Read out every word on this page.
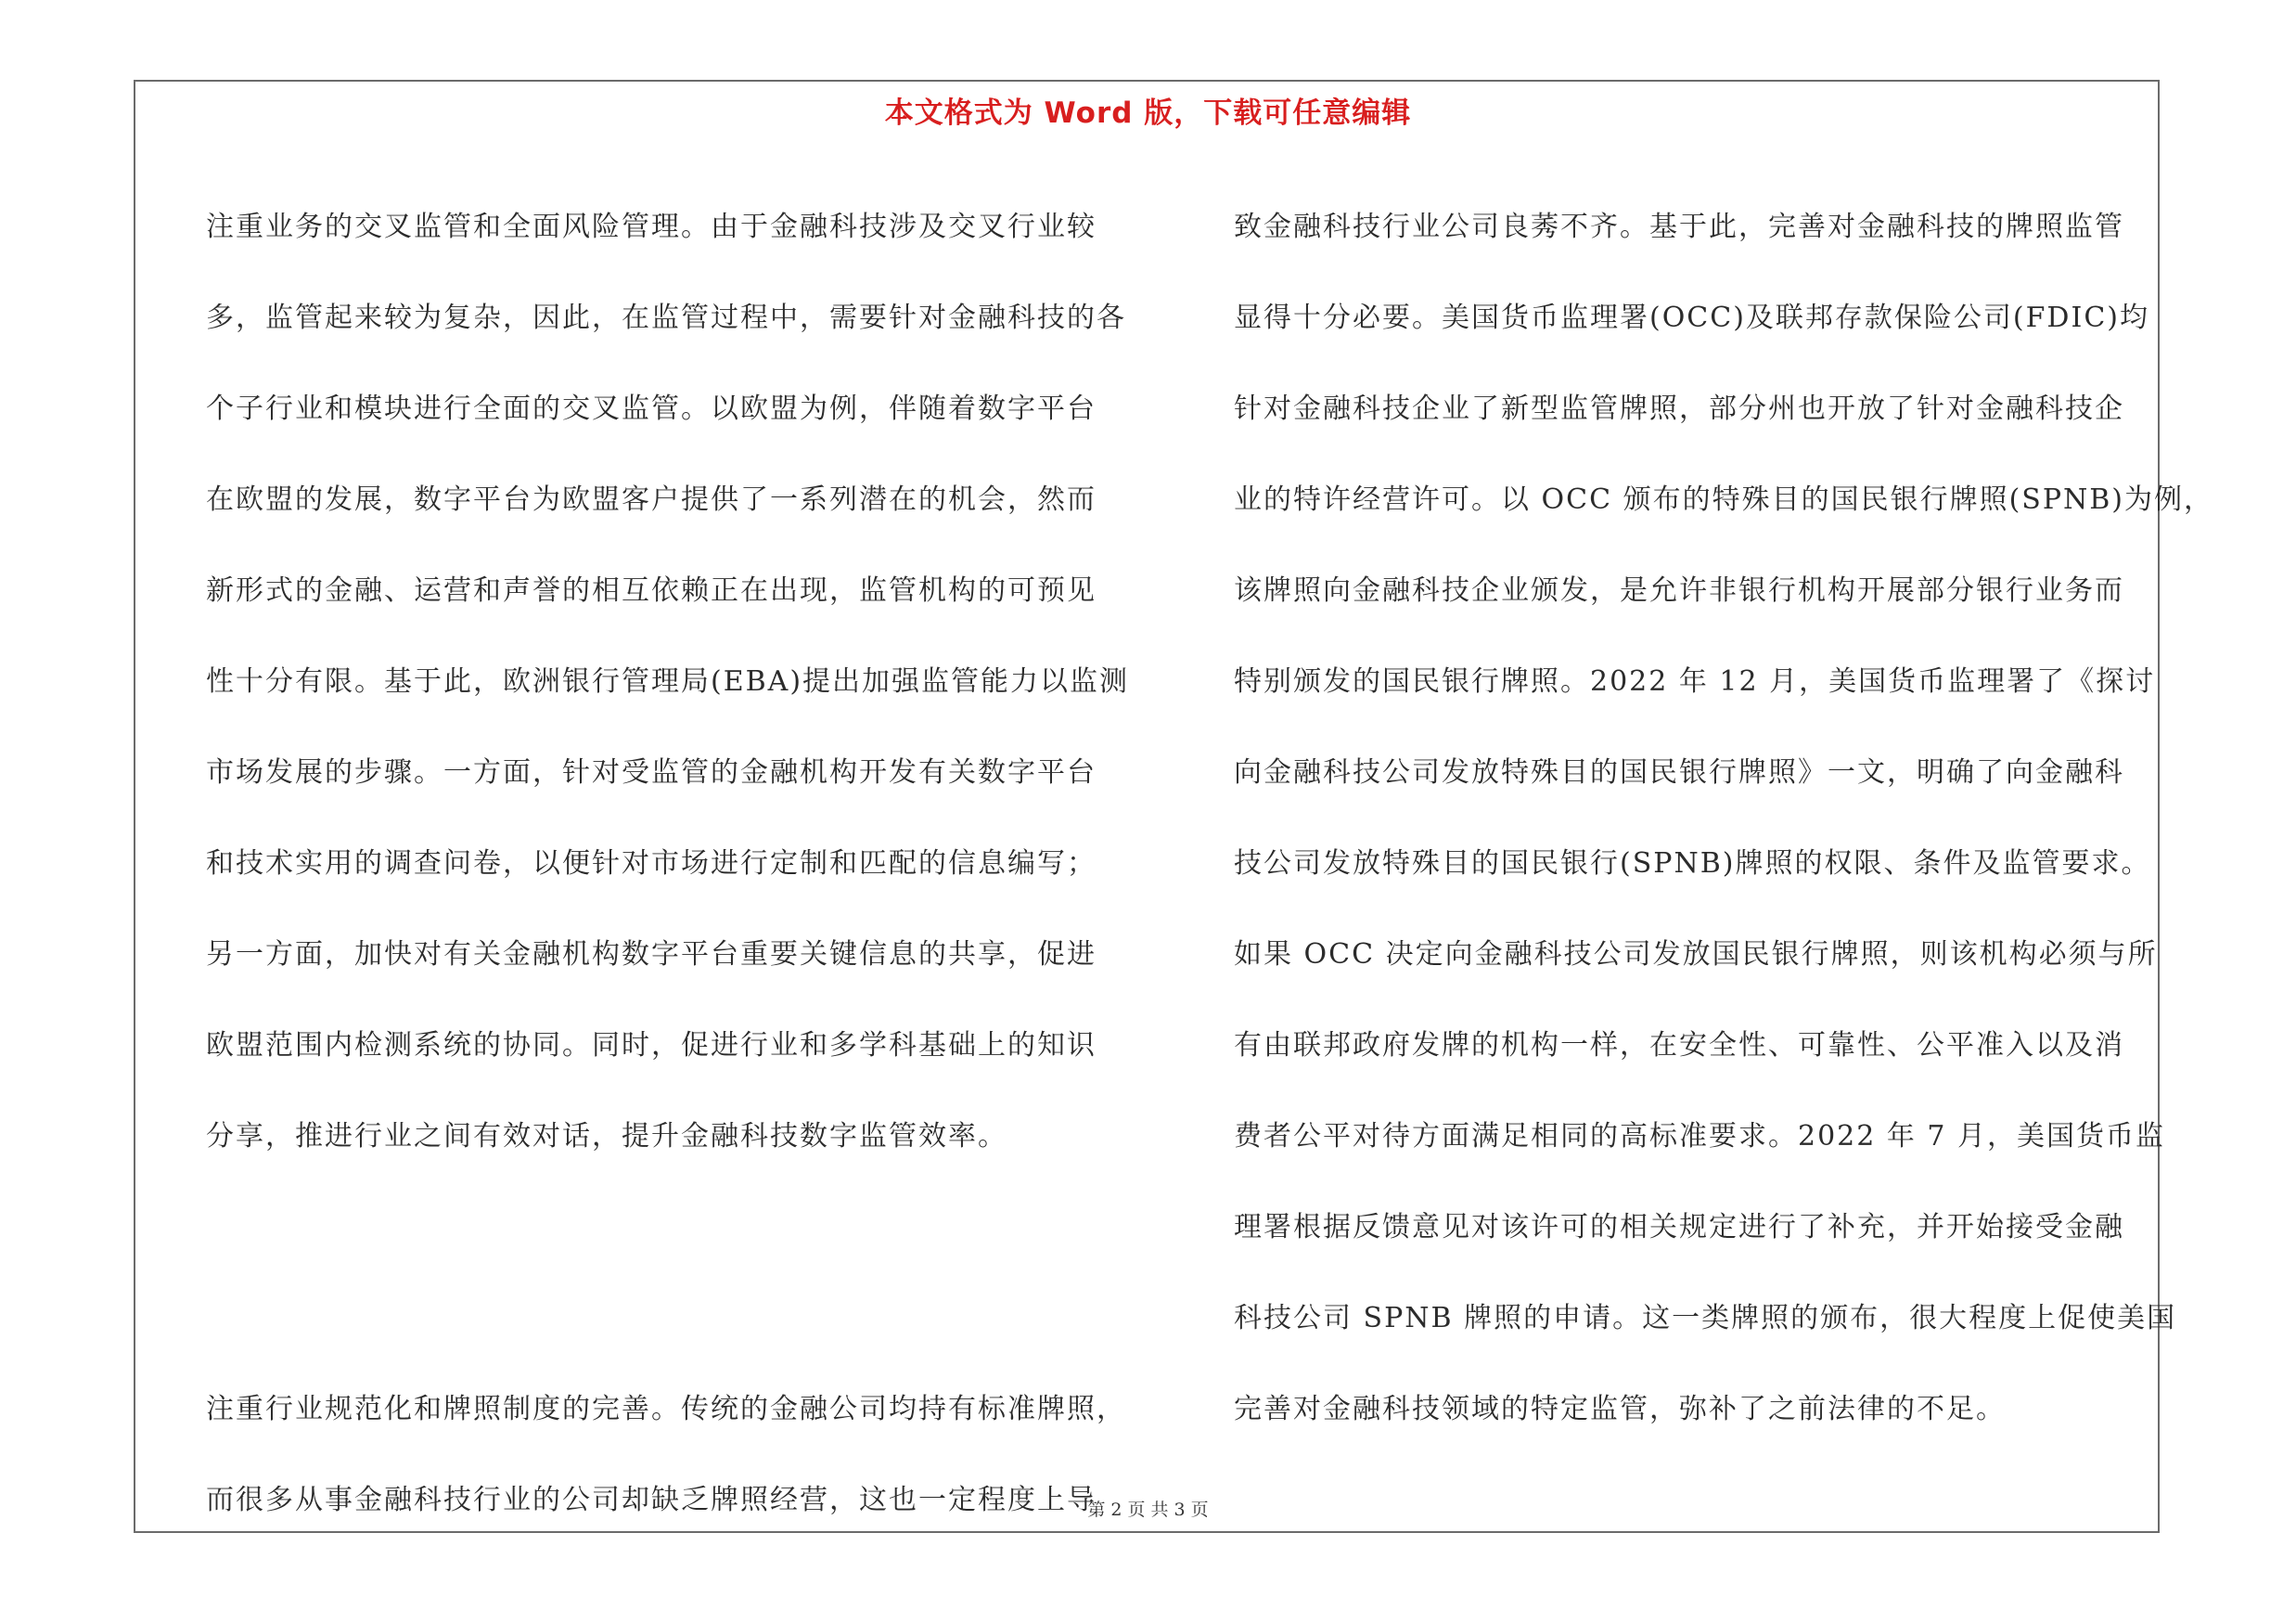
本文格式为 Word 版，下载可任意编辑
注重业务的交叉监管和全面风险管理。由于金融科技涉及交叉行业较
多，监管起来较为复杂，因此，在监管过程中，需要针对金融科技的各
个子行业和模块进行全面的交叉监管。以欧盟为例，伴随着数字平台
在欧盟的发展，数字平台为欧盟客户提供了一系列潜在的机会，然而
新形式的金融、运营和声誉的相互依赖正在出现，监管机构的可预见
性十分有限。基于此，欧洲银行管理局(EBA)提出加强监管能力以监测
市场发展的步骤。一方面，针对受监管的金融机构开发有关数字平台
和技术实用的调查问卷，以便针对市场进行定制和匹配的信息编写；
另一方面，加快对有关金融机构数字平台重要关键信息的共享，促进
欧盟范围内检测系统的协同。同时，促进行业和多学科基础上的知识
分享，推进行业之间有效对话，提升金融科技数字监管效率。
注重行业规范化和牌照制度的完善。传统的金融公司均持有标准牌照，
而很多从事金融科技行业的公司却缺乏牌照经营，这也一定程度上导
致金融科技行业公司良莠不齐。基于此，完善对金融科技的牌照监管
显得十分必要。美国货币监理署(OCC)及联邦存款保险公司(FDIC)均
针对金融科技企业了新型监管牌照，部分州也开放了针对金融科技企
业的特许经营许可。以 OCC 颁布的特殊目的国民银行牌照(SPNB)为例，
该牌照向金融科技企业颁发，是允许非银行机构开展部分银行业务而
特别颁发的国民银行牌照。2022 年 12 月，美国货币监理署了《探讨
向金融科技公司发放特殊目的国民银行牌照》一文，明确了向金融科
技公司发放特殊目的国民银行(SPNB)牌照的权限、条件及监管要求。
如果 OCC 决定向金融科技公司发放国民银行牌照，则该机构必须与所
有由联邦政府发牌的机构一样，在安全性、可靠性、公平准入以及消
费者公平对待方面满足相同的高标准要求。2022 年 7 月，美国货币监
理署根据反馈意见对该许可的相关规定进行了补充，并开始接受金融
科技公司 SPNB 牌照的申请。这一类牌照的颁布，很大程度上促使美国
完善对金融科技领域的特定监管，弥补了之前法律的不足。
第 2 页 共 3 页
